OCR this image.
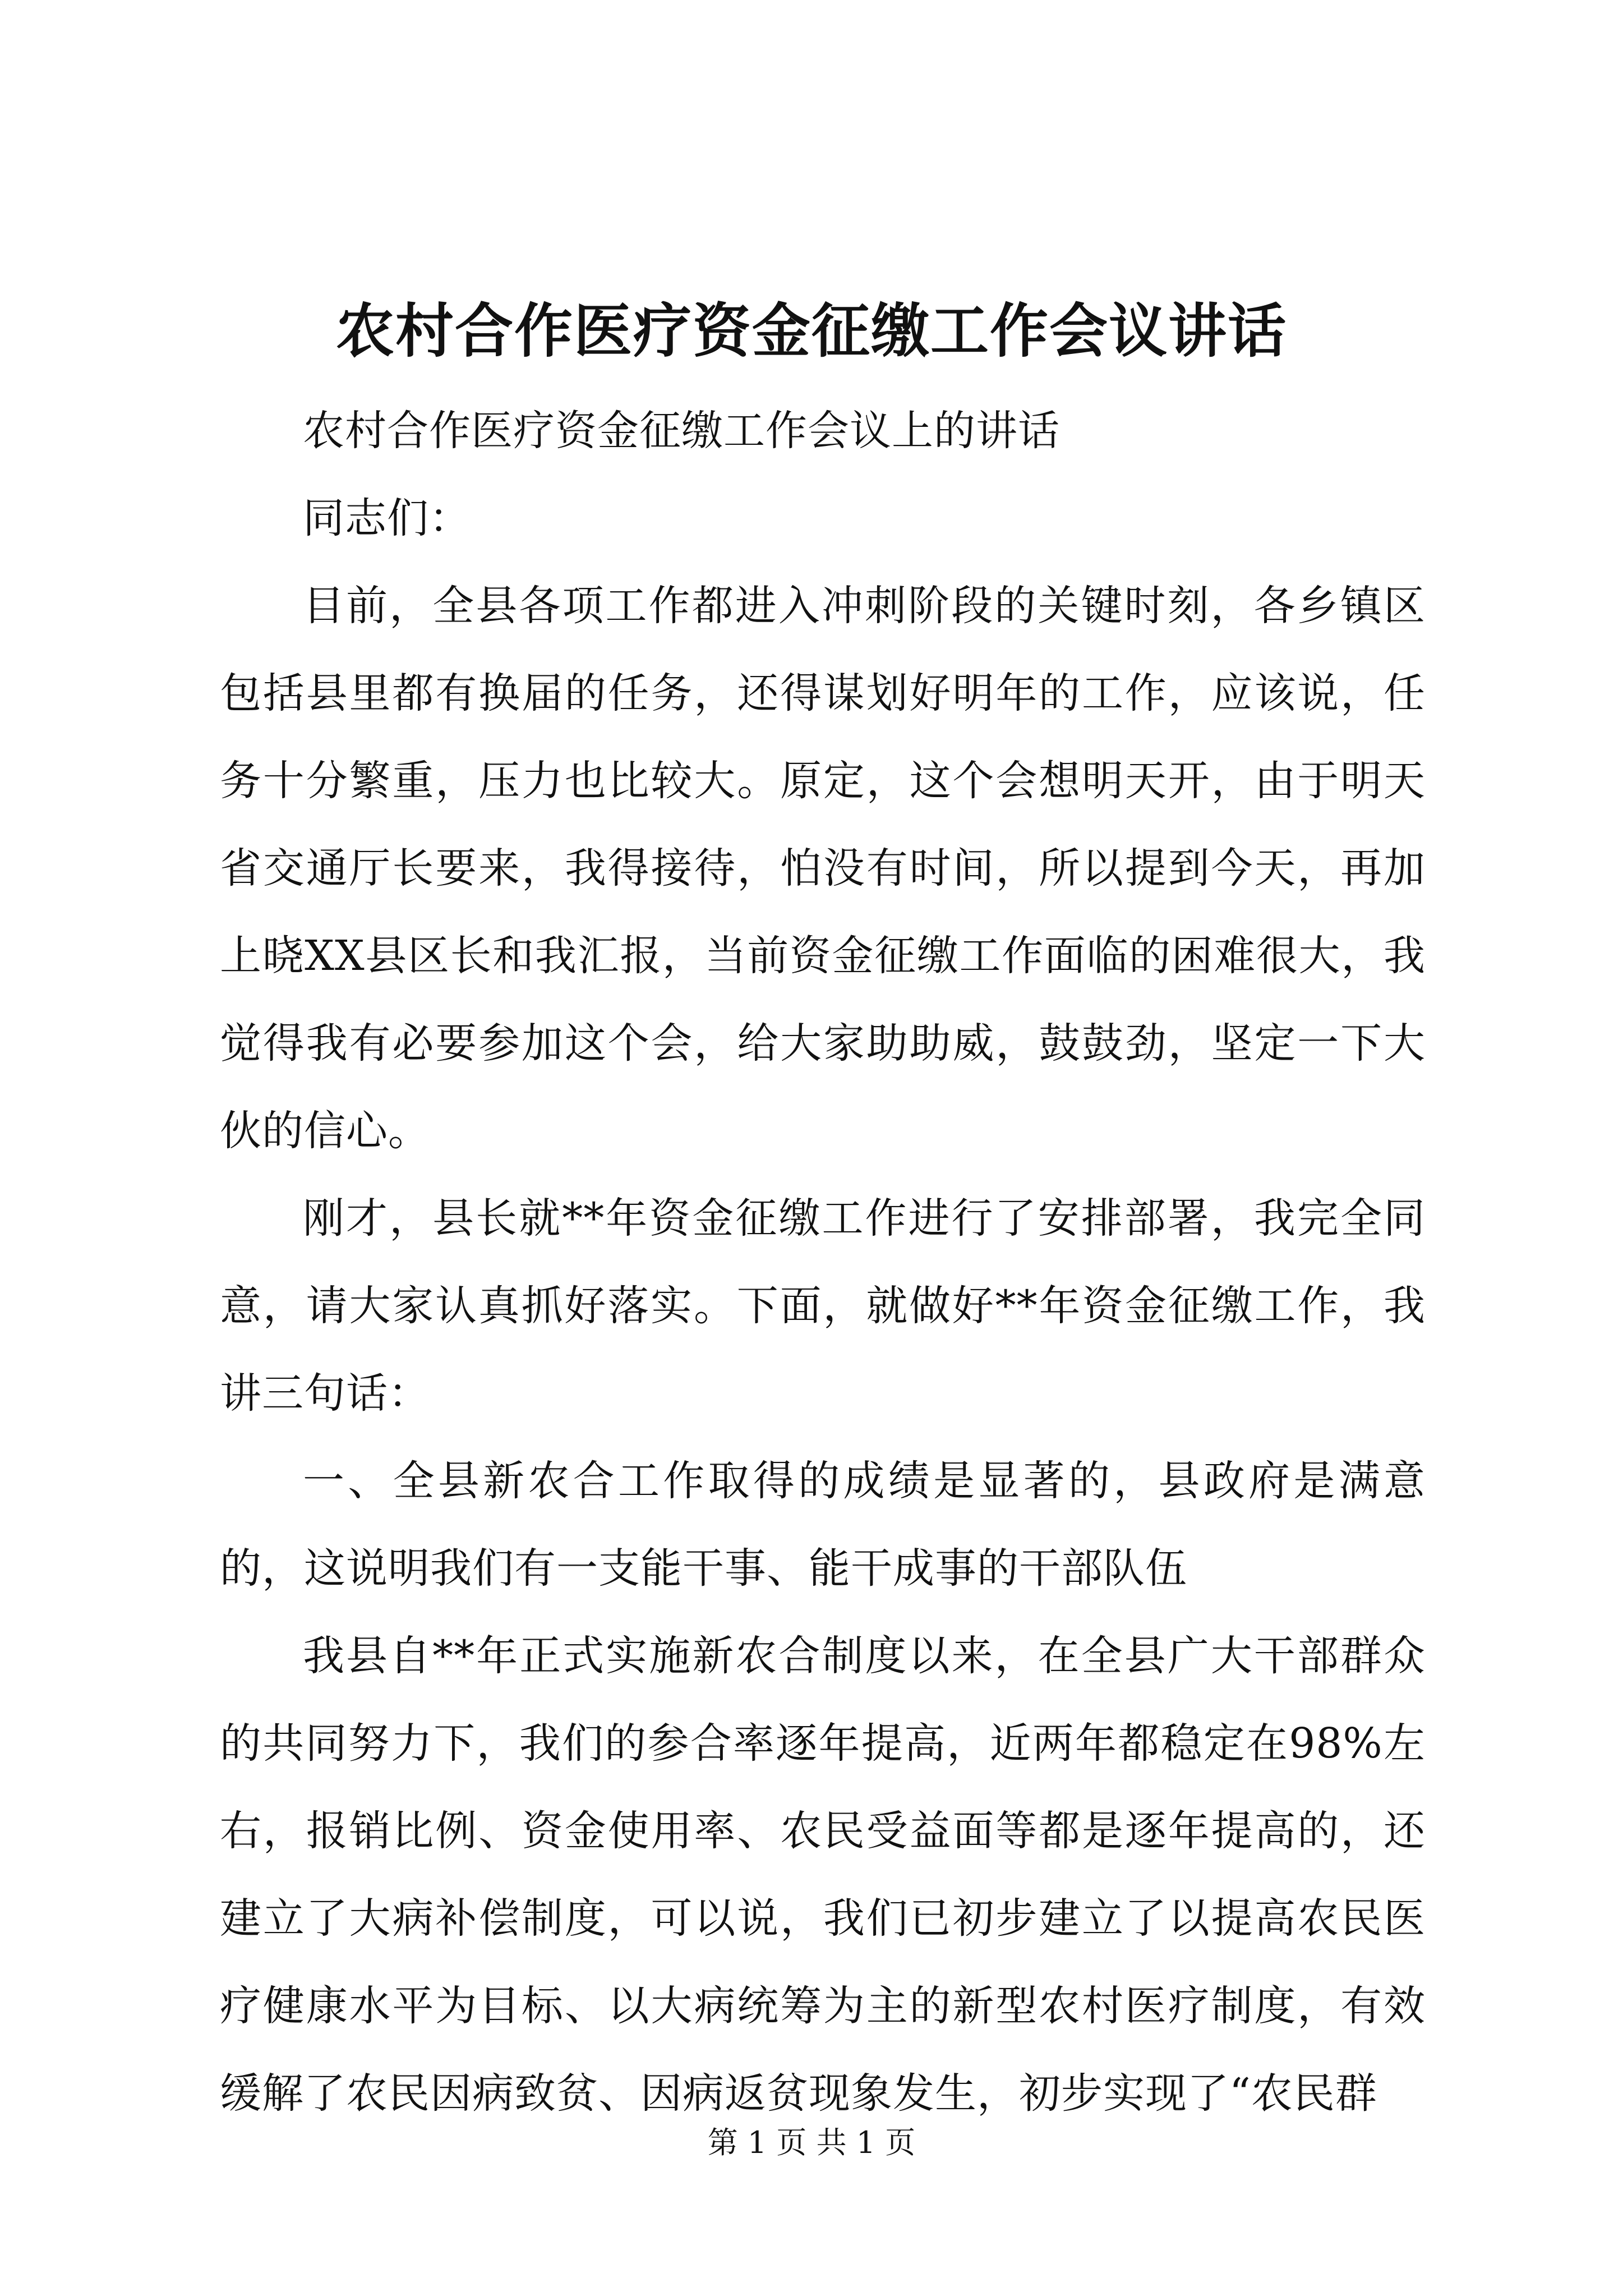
农村合作医疗资金征缴工作会议讲话

农村合作医疗资金征缴工作会议上的讲话

同志们：

目前，全县各项工作都进入冲刺阶段的关键时刻，各乡镇区包括县里都有换届的任务，还得谋划好明年的工作，应该说，任务十分繁重，压力也比较大。原定，这个会想明天开，由于明天省交通厅长要来，我得接待，怕没有时间，所以提到今天，再加上晓XX县区长和我汇报，当前资金征缴工作面临的困难很大，我觉得我有必要参加这个会，给大家助助威，鼓鼓劲，坚定一下大伙的信心。

刚才，县长就**年资金征缴工作进行了安排部署，我完全同意，请大家认真抓好落实。下面，就做好**年资金征缴工作，我讲三句话：

一、全县新农合工作取得的成绩是显著的，县政府是满意的，这说明我们有一支能干事、能干成事的干部队伍

我县自**年正式实施新农合制度以来，在全县广大干部群众的共同努力下，我们的参合率逐年提高，近两年都稳定在98%左右，报销比例、资金使用率、农民受益面等都是逐年提高的，还建立了大病补偿制度，可以说，我们已初步建立了以提高农民医疗健康水平为目标、以大病统筹为主的新型农村医疗制度，有效缓解了农民因病致贫、因病返贫现象发生，初步实现了“农民群

第 1 页 共 1 页
